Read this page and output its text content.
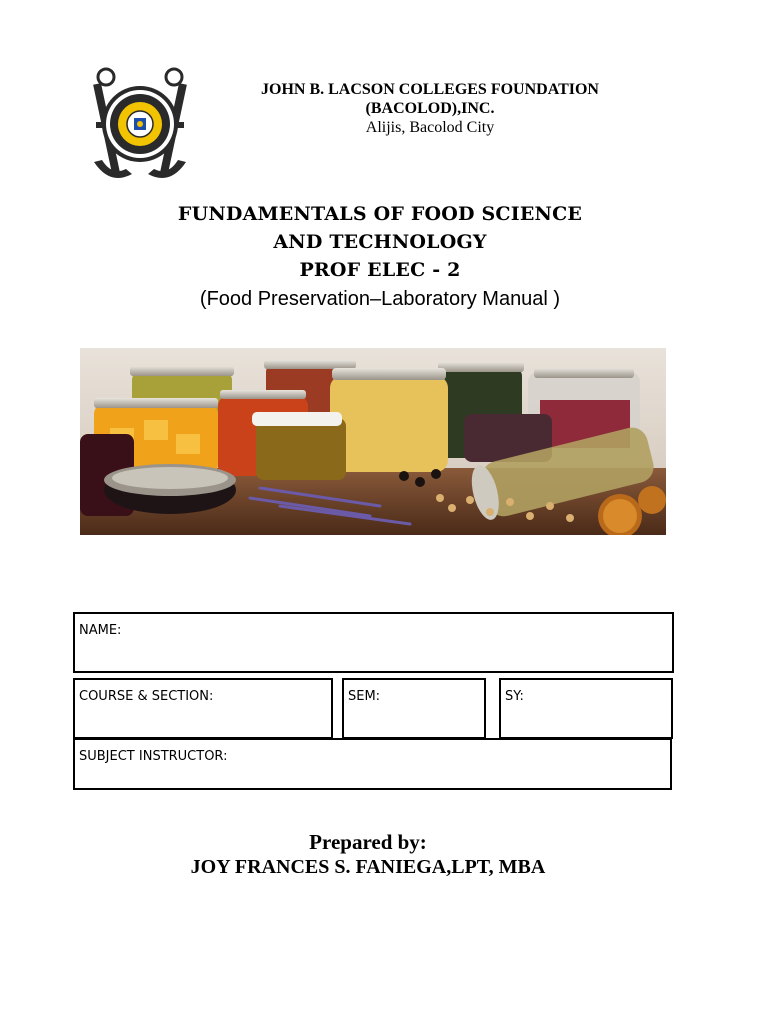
JOHN B. LACSON COLLEGES FOUNDATION
(BACOLOD),INC.
Alijis, Bacolod City
FUNDAMENTALS OF FOOD SCIENCE
AND TECHNOLOGY
PROF ELEC - 2
(Food Preservation–Laboratory Manual )
NAME:
COURSE & SECTION:	SEM:	SY:
SUBJECT INSTRUCTOR:
Prepared by:
JOY FRANCES S. FANIEGA,LPT, MBA
